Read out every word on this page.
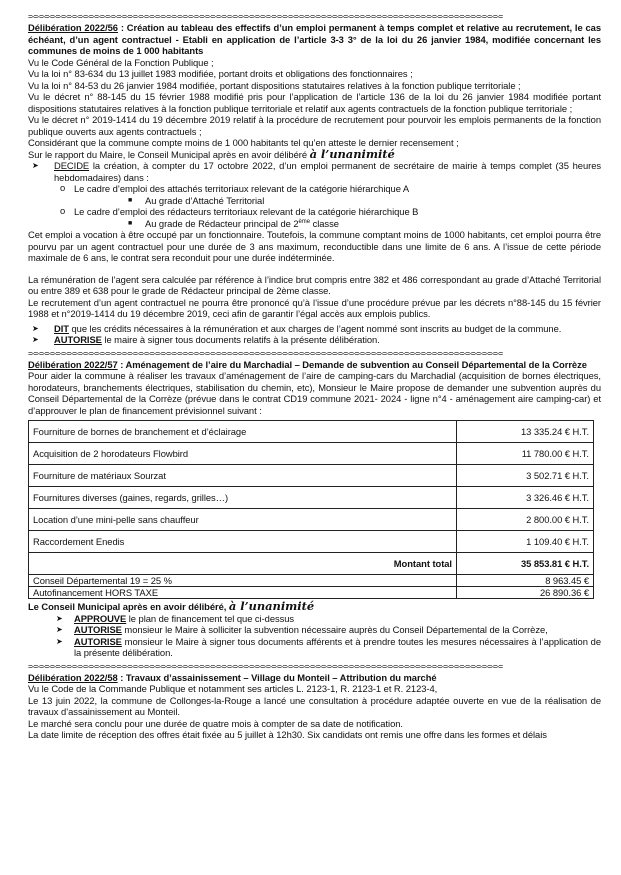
=-=-=-=-=-=-=-=-=-=-=-=-=-=-=-=-=-=-=-=-=-=-=-=-=-=-=-=-=-=-=-=-=-=-=-=-=-=-=-=-=-=-=-=-=-=-=-=-=-=-=-=-=-=-=-=-=-=-=-=-=-=-=-=-=-=-=-=-=-=-=-=-=-=-=-=-=-=-=-=-=-=-=-=-=-=
Délibération 2022/56 : Création au tableau des effectifs d’un emploi permanent à temps complet et relative au recrutement, le cas échéant, d’un agent contractuel - Etabli en application de l’article 3-3 3° de la loi du 26 janvier 1984, modifiée concernant les communes de moins de 1 000 habitants

Vu le Code Général de la Fonction Publique ;

Vu la loi n° 83-634 du 13 juillet 1983 modifiée, portant droits et obligations des fonctionnaires ;

Vu la loi n° 84-53 du 26 janvier 1984 modifiée, portant dispositions statutaires relatives à la fonction publique territoriale ;

Vu le décret n° 88-145 du 15 février 1988 modifié pris pour l’application de l’article 136 de la loi du 26 janvier 1984 modifiée portant dispositions statutaires relatives à la fonction publique territoriale et relatif aux agents contractuels de la fonction publique territoriale ;

Vu le décret n° 2019-1414 du 19 décembre 2019 relatif à la procédure de recrutement pour pourvoir les emplois permanents de la fonction publique ouverts aux agents contractuels ;

Considérant que la commune compte moins de 1 000 habitants tel qu’en atteste le dernier recensement ;

Sur le rapport du Maire, le Conseil Municipal après en avoir délibéré à l’unanimité

➤ DECIDE la création, à compter du 17 octobre 2022, d’un emploi permanent de secrétaire de mairie à temps complet (35 heures hebdomadaires) dans :
o Le cadre d’emploi des attachés territoriaux relevant de la catégorie hiérarchique A
■ Au grade d’Attaché Territorial
o Le cadre d’emploi des rédacteurs territoriaux relevant de la catégorie hiérarchique B
■ Au grade de Rédacteur principal de 2ème classe

Cet emploi a vocation à être occupé par un fonctionnaire. Toutefois, la commune comptant moins de 1000 habitants, cet emploi pourra être pourvu par un agent contractuel pour une durée de 3 ans maximum, reconductible dans une limite de 6 ans. A l’issue de cette période maximale de 6 ans, le contrat sera reconduit pour une durée indéterminée.

La rémunération de l’agent sera calculée par référence à l’indice brut compris entre 382 et 486 correspondant au grade d’Attaché Territorial ou entre 389 et 638 pour le grade de Rédacteur principal de 2ème classe.

Le recrutement d’un agent contractuel ne pourra être prononcé qu’à l’issue d’une procédure prévue par les décrets n°88-145 du 15 février 1988 et n°2019-1414 du 19 décembre 2019, ceci afin de garantir l’égal accès aux emplois publics.

➤ DIT que les crédits nécessaires à la rémunération et aux charges de l’agent nommé sont inscrits au budget de la commune.
➤ AUTORISE le maire à signer tous documents relatifs à la présente délibération.
=-=-=-=-=-=-=-=-=-=-=-=-=-=-=-=-=-=-=-=-=-=-=-=-=-=-=-=-=-=-=-=-=-=-=-=-=-=-=-=-=-=-=-=-=-=-=-=-=-=-=-=-=-=-=-=-=-=-=-=-=-=-=-=-=-=-=-=-=-=-=-=-=-=-=-=-=-=-=-=-=-=-=-=-=-=
Délibération 2022/57 : Aménagement de l’aire du Marchadial – Demande de subvention au Conseil Départemental de la Corrèze

Pour aider la commune à réaliser les travaux d’aménagement de l’aire de camping-cars du Marchadial (acquisition de bornes électriques, horodateurs, branchements électriques, stabilisation du chemin, etc), Monsieur le Maire propose de demander une subvention auprès du Conseil Départemental de la Corrèze (prévue dans le contrat CD19 commune 2021- 2024 - ligne n°4 - aménagement aire camping-car) et d’approuver le plan de financement prévisionnel suivant :

Fourniture de bornes de branchement et d’éclairage	13 335.24 € H.T.
Acquisition de 2 horodateurs Flowbird	11 780.00 € H.T.
Fourniture de matériaux Sourzat	3 502.71 € H.T.
Fournitures diverses (gaines, regards, grilles…)	3 326.46 € H.T.
Location d’une mini-pelle sans chauffeur	2 800.00 € H.T.
Raccordement Enedis	1 109.40 € H.T.
Montant total	35 853.81 € H.T.
Conseil Départemental 19 = 25 %	8 963.45 €
Autofinancement HORS TAXE	26 890.36 €

Le Conseil Municipal après en avoir délibéré, à l’unanimité

➤ APPROUVE le plan de financement tel que ci-dessus
➤ AUTORISE monsieur le Maire à solliciter la subvention nécessaire auprès du Conseil Départemental de la Corrèze,
➤ AUTORISE monsieur le Maire à signer tous documents afférents et à prendre toutes les mesures nécessaires à l’application de la présente délibération.
=-=-=-=-=-=-=-=-=-=-=-=-=-=-=-=-=-=-=-=-=-=-=-=-=-=-=-=-=-=-=-=-=-=-=-=-=-=-=-=-=-=-=-=-=-=-=-=-=-=-=-=-=-=-=-=-=-=-=-=-=-=-=-=-=-=-=-=-=-=-=-=-=-=-=-=-=-=-=-=-=-=-=-=-=-=
Délibération 2022/58 : Travaux d’assainissement – Village du Monteil – Attribution du marché

Vu le Code de la Commande Publique et notamment ses articles L. 2123-1, R. 2123-1 et R. 2123-4,

Le 13 juin 2022, la commune de Collonges-la-Rouge a lancé une consultation à procédure adaptée ouverte en vue de la réalisation de travaux d’assainissement au Monteil.

Le marché sera conclu pour une durée de quatre mois à compter de sa date de notification.

La date limite de réception des offres était fixée au 5 juillet à 12h30. Six candidats ont remis une offre dans les formes et délais
